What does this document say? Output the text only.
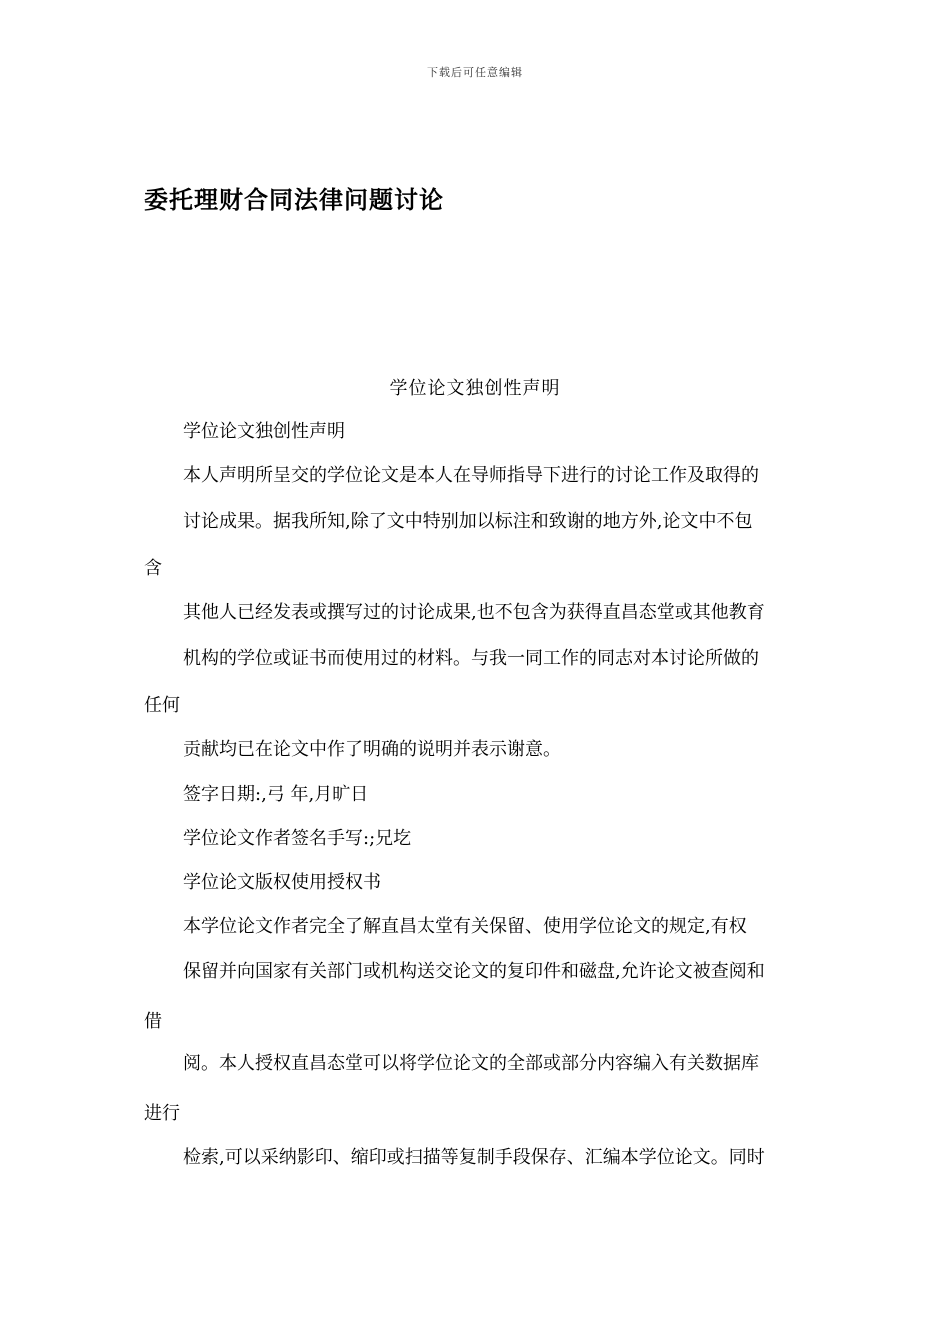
下载后可任意编辑
委托理财合同法律问题讨论
学位论文独创性声明
学位论文独创性声明
本人声明所呈交的学位论文是本人在导师指导下进行的讨论工作及取得的
讨论成果。据我所知,除了文中特别加以标注和致谢的地方外,论文中不包
含
其他人已经发表或撰写过的讨论成果,也不包含为获得直昌态堂或其他教育
机构的学位或证书而使用过的材料。与我一同工作的同志对本讨论所做的
任何
贡献均已在论文中作了明确的说明并表示谢意。
签字日期:,弓 年,月旷日
学位论文作者签名手写:;兄圪
学位论文版权使用授权书
本学位论文作者完全了解直昌太堂有关保留、使用学位论文的规定,有权
保留并向国家有关部门或机构送交论文的复印件和磁盘,允许论文被查阅和
借
阅。本人授权直昌态堂可以将学位论文的全部或部分内容编入有关数据库
进行
检索,可以采纳影印、缩印或扫描等复制手段保存、汇编本学位论文。同时
